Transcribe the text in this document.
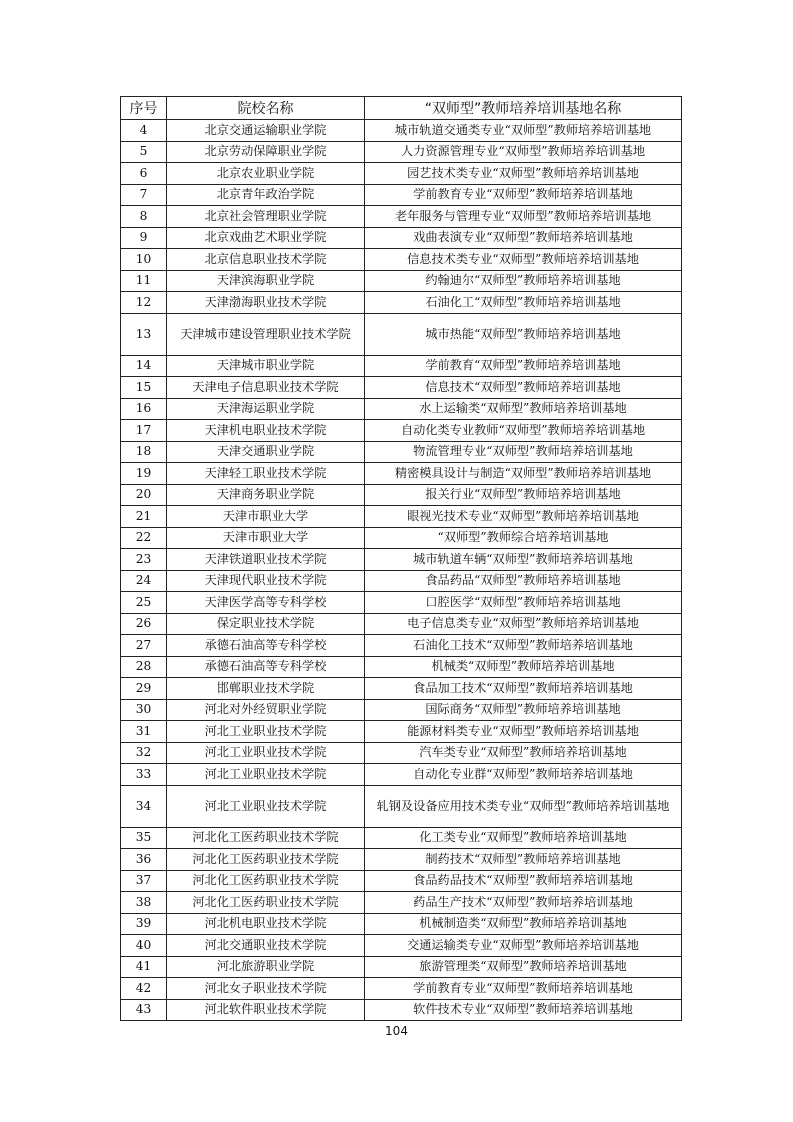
序号	院校名称	“双师型”教师培养培训基地名称
4	北京交通运输职业学院	城市轨道交通类专业“双师型”教师培养培训基地
5	北京劳动保障职业学院	人力资源管理专业“双师型”教师培养培训基地
6	北京农业职业学院	园艺技术类专业“双师型”教师培养培训基地
7	北京青年政治学院	学前教育专业“双师型”教师培养培训基地
8	北京社会管理职业学院	老年服务与管理专业“双师型”教师培养培训基地
9	北京戏曲艺术职业学院	戏曲表演专业“双师型”教师培养培训基地
10	北京信息职业技术学院	信息技术类专业“双师型”教师培养培训基地
11	天津滨海职业学院	约翰迪尔“双师型”教师培养培训基地
12	天津渤海职业技术学院	石油化工“双师型”教师培养培训基地
13	天津城市建设管理职业技术学院	城市热能“双师型”教师培养培训基地
14	天津城市职业学院	学前教育“双师型”教师培养培训基地
15	天津电子信息职业技术学院	信息技术“双师型”教师培养培训基地
16	天津海运职业学院	水上运输类“双师型”教师培养培训基地
17	天津机电职业技术学院	自动化类专业教师“双师型”教师培养培训基地
18	天津交通职业学院	物流管理专业“双师型”教师培养培训基地
19	天津轻工职业技术学院	精密模具设计与制造“双师型”教师培养培训基地
20	天津商务职业学院	报关行业“双师型”教师培养培训基地
21	天津市职业大学	眼视光技术专业“双师型”教师培养培训基地
22	天津市职业大学	“双师型”教师综合培养培训基地
23	天津铁道职业技术学院	城市轨道车辆“双师型”教师培养培训基地
24	天津现代职业技术学院	食品药品“双师型”教师培养培训基地
25	天津医学高等专科学校	口腔医学“双师型”教师培养培训基地
26	保定职业技术学院	电子信息类专业“双师型”教师培养培训基地
27	承德石油高等专科学校	石油化工技术“双师型”教师培养培训基地
28	承德石油高等专科学校	机械类“双师型”教师培养培训基地
29	邯郸职业技术学院	食品加工技术“双师型”教师培养培训基地
30	河北对外经贸职业学院	国际商务“双师型”教师培养培训基地
31	河北工业职业技术学院	能源材料类专业“双师型”教师培养培训基地
32	河北工业职业技术学院	汽车类专业“双师型”教师培养培训基地
33	河北工业职业技术学院	自动化专业群“双师型”教师培养培训基地
34	河北工业职业技术学院	轧钢及设备应用技术类专业“双师型”教师培养培训基地
35	河北化工医药职业技术学院	化工类专业“双师型”教师培养培训基地
36	河北化工医药职业技术学院	制药技术“双师型”教师培养培训基地
37	河北化工医药职业技术学院	食品药品技术“双师型”教师培养培训基地
38	河北化工医药职业技术学院	药品生产技术“双师型”教师培养培训基地
39	河北机电职业技术学院	机械制造类“双师型”教师培养培训基地
40	河北交通职业技术学院	交通运输类专业“双师型”教师培养培训基地
41	河北旅游职业学院	旅游管理类“双师型”教师培养培训基地
42	河北女子职业技术学院	学前教育专业“双师型”教师培养培训基地
43	河北软件职业技术学院	软件技术专业“双师型”教师培养培训基地
104
